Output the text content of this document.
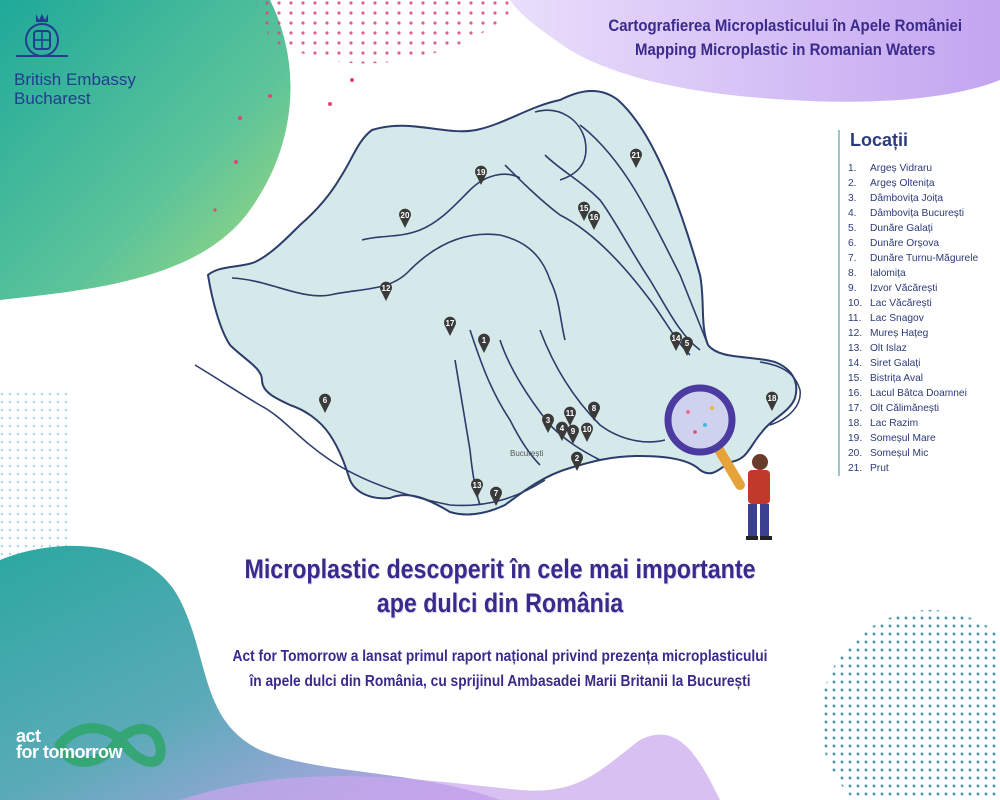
București
1
2
3
4
5
6
7
8
9 10
11
12
13
14
15
16
17
18
19
20
21
Cartografierea Microplasticului în Apele României
Mapping Microplastic in Romanian Waters
British Embassy
Bucharest
Locații
1. Argeș Vidraru
2. Argeș Oltenița
3. Dâmbovița Joița
4. Dâmbovița București
5. Dunăre Galați
6. Dunăre Orșova
7. Dunăre Turnu-Măgurele
8. Ialomița
9. Izvor Văcărești
10. Lac Văcărești
11. Lac Snagov
12. Mureș Hațeg
13. Olt Islaz
14. Siret Galați
15. Bistrița Aval
16. Lacul Bâtca Doamnei
17. Olt Călimănești
18. Lac Razim
19. Someșul Mare
20. Someșul Mic
21. Prut
Microplastic descoperit în cele mai importante
ape dulci din România
Act for Tomorrow a lansat primul raport național privind prezența microplasticului
în apele dulci din România, cu sprijinul Ambasadei Marii Britanii la București
act
for tomorrow
